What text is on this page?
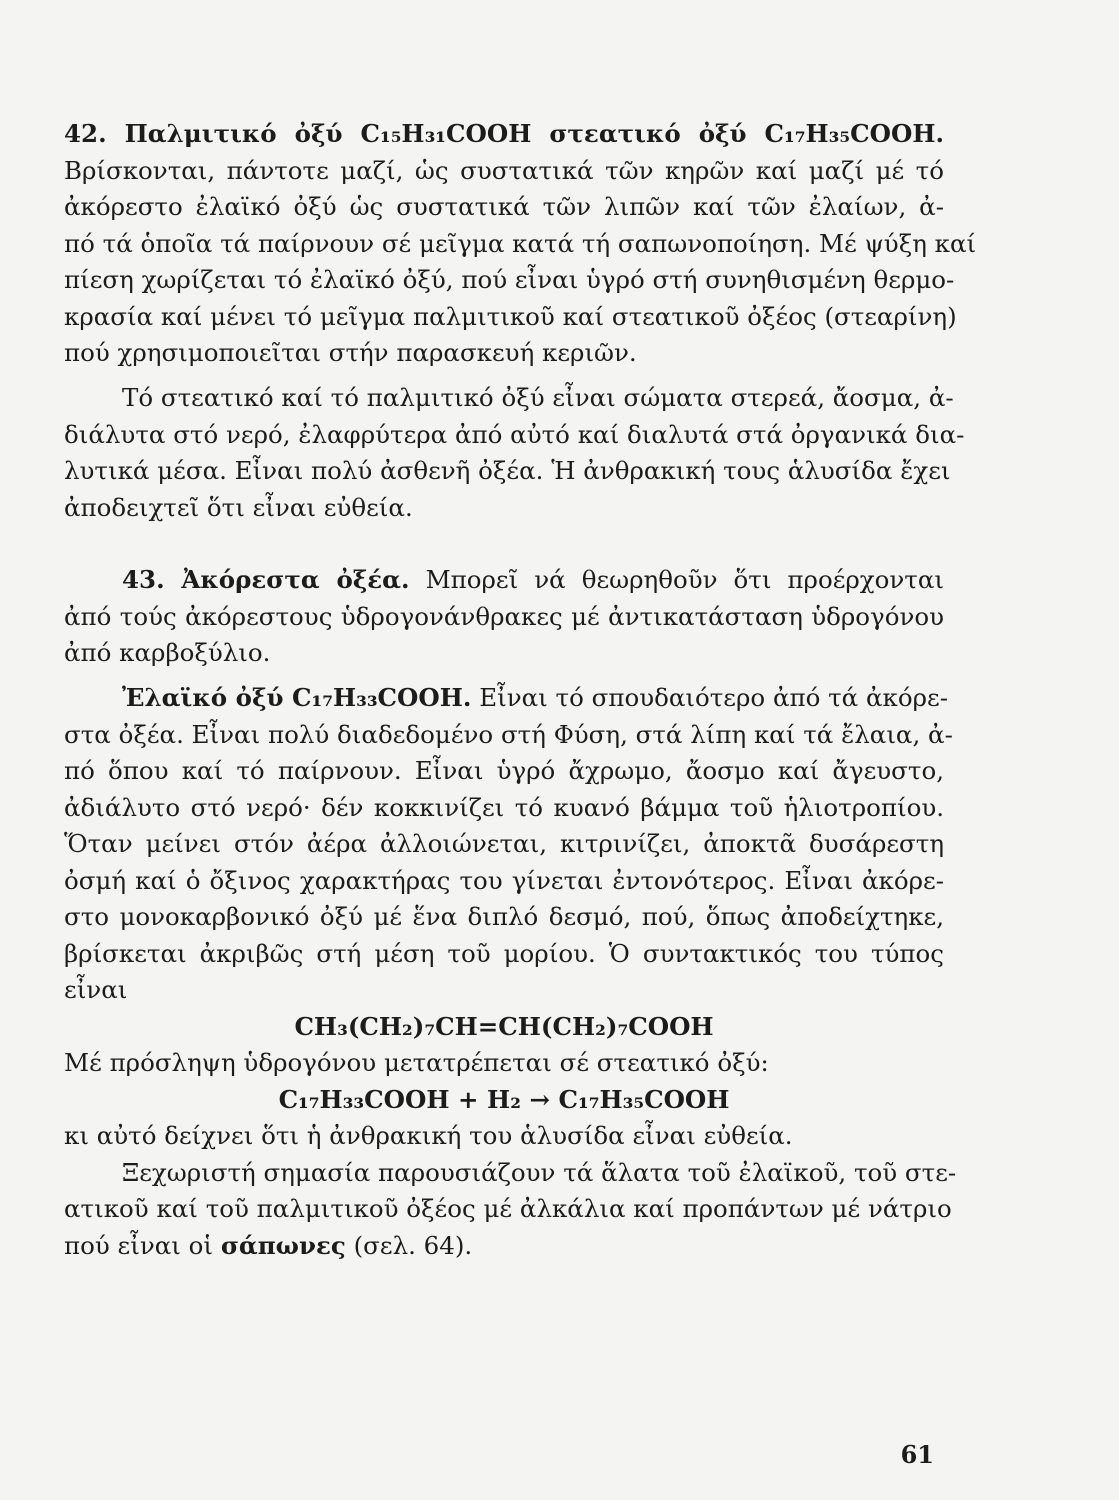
42. Παλμιτικό ὀξύ C₁₅H₃₁COOH στεατικό ὀξύ C₁₇H₃₅COOH.
Βρίσκονται, πάντοτε μαζί, ὡς συστατικά τῶν κηρῶν καί μαζί μέ τό
ἀκόρεστο ἐλαϊκό ὀξύ ὡς συστατικά τῶν λιπῶν καί τῶν ἐλαίων, ἀ-
πό τά ὁποῖα τά παίρνουν σέ μεῖγμα κατά τή σαπωνοποίηση. Μέ ψύξη καί
πίεση χωρίζεται τό ἐλαϊκό ὀξύ, πού εἶναι ὑγρό στή συνηθισμένη θερμο-
κρασία καί μένει τό μεῖγμα παλμιτικοῦ καί στεατικοῦ ὀξέος (στεαρίνη)
πού χρησιμοποιεῖται στήν παρασκευή κεριῶν.
Τό στεατικό καί τό παλμιτικό ὀξύ εἶναι σώματα στερεά, ἄοσμα, ἀ-
διάλυτα στό νερό, ἐλαφρύτερα ἀπό αὐτό καί διαλυτά στά ὀργανικά δια-
λυτικά μέσα. Εἶναι πολύ ἀσθενῆ ὀξέα. Ἡ ἀνθρακική τους ἁλυσίδα ἔχει
ἀποδειχτεῖ ὅτι εἶναι εὐθεία.
43. Ἀκόρεστα ὀξέα. Μπορεῖ νά θεωρηθοῦν ὅτι προέρχονται
ἀπό τούς ἀκόρεστους ὑδρογονάνθρακες μέ ἀντικατάσταση ὑδρογόνου
ἀπό καρβοξύλιο.
Ἐλαϊκό ὀξύ C₁₇H₃₃COOH. Εἶναι τό σπουδαιότερο ἀπό τά ἀκόρε-
στα ὀξέα. Εἶναι πολύ διαδεδομένο στή Φύση, στά λίπη καί τά ἔλαια, ἀ-
πό ὅπου καί τό παίρνουν. Εἶναι ὑγρό ἄχρωμο, ἄοσμο καί ἄγευστο,
ἀδιάλυτο στό νερό· δέν κοκκινίζει τό κυανό βάμμα τοῦ ἡλιοτροπίου.
Ὅταν μείνει στόν ἀέρα ἀλλοιώνεται, κιτρινίζει, ἀποκτᾶ δυσάρεστη
ὀσμή καί ὁ ὄξινος χαρακτήρας του γίνεται ἐντονότερος. Εἶναι ἀκόρε-
στο μονοκαρβονικό ὀξύ μέ ἕνα διπλό δεσμό, πού, ὅπως ἀποδείχτηκε,
βρίσκεται ἀκριβῶς στή μέση τοῦ μορίου. Ὁ συντακτικός του τύπος
εἶναι
CH₃(CH₂)₇CH=CH(CH₂)₇COOH
Μέ πρόσληψη ὑδρογόνου μετατρέπεται σέ στεατικό ὀξύ:
C₁₇H₃₃COOH + H₂ → C₁₇H₃₅COOH
κι αὐτό δείχνει ὅτι ἡ ἀνθρακική του ἁλυσίδα εἶναι εὐθεία.
Ξεχωριστή σημασία παρουσιάζουν τά ἅλατα τοῦ ἐλαϊκοῦ, τοῦ στε-
ατικοῦ καί τοῦ παλμιτικοῦ ὀξέος μέ ἀλκάλια καί προπάντων μέ νάτριο
πού εἶναι οἱ σάπωνες (σελ. 64).
61
